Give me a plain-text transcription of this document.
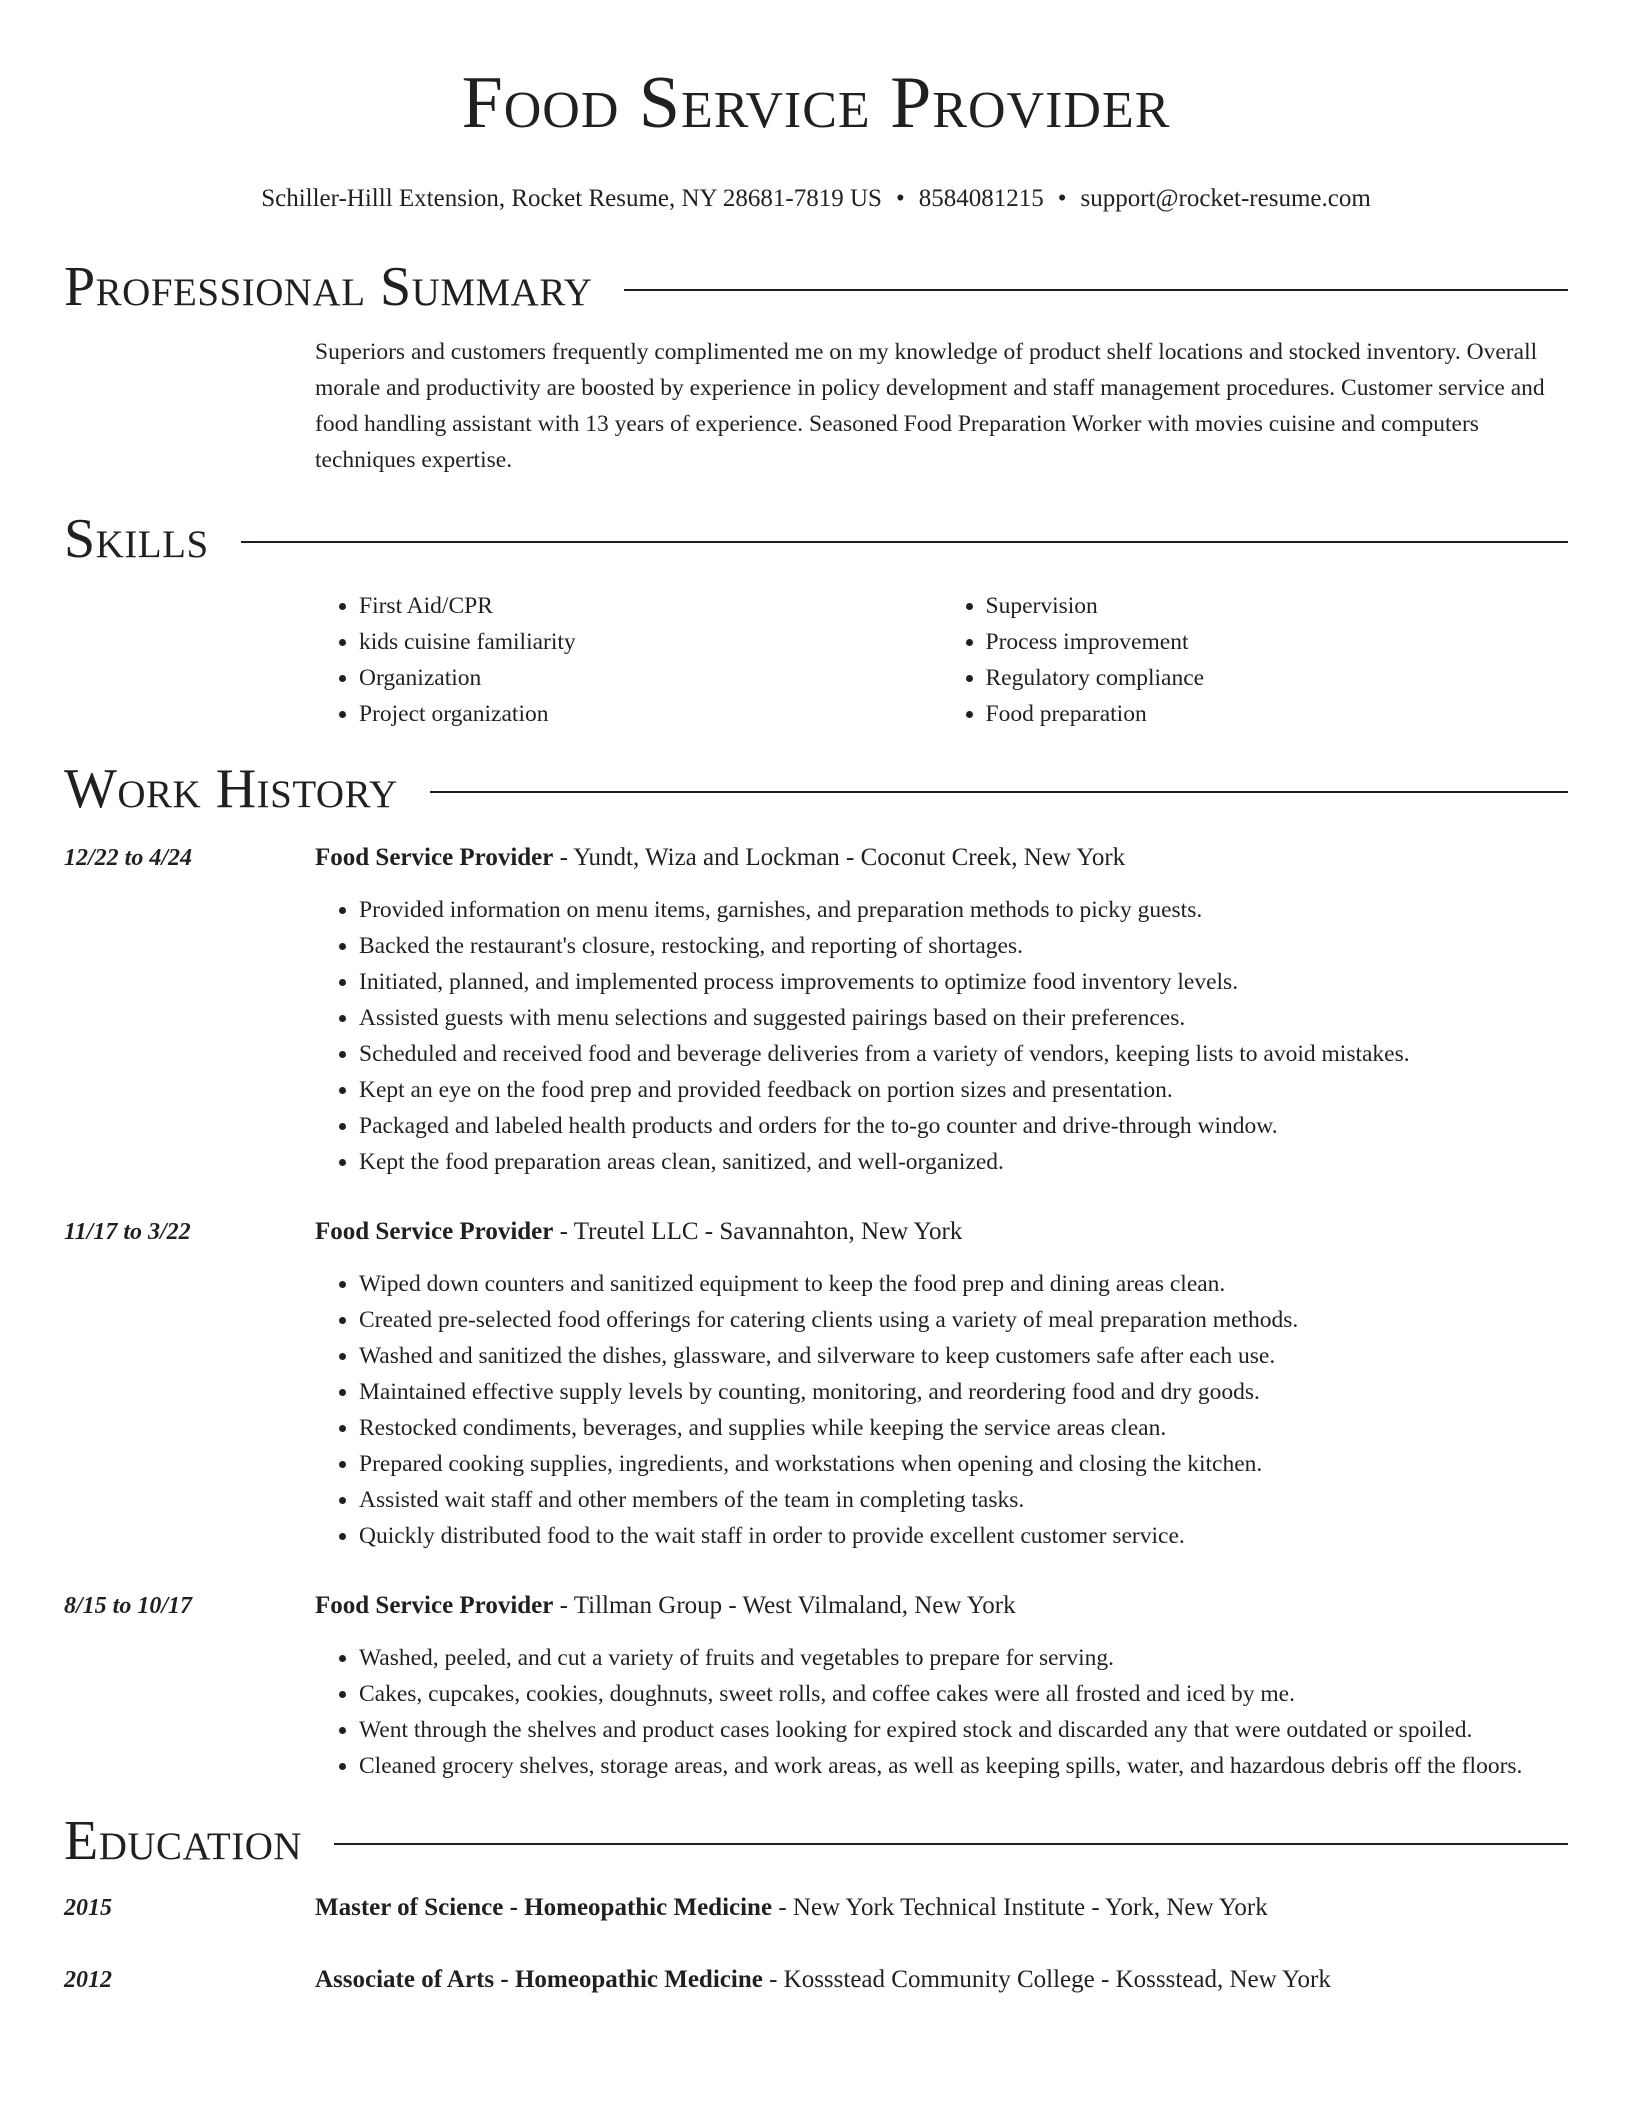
Food Service Provider
Schiller-Hilll Extension, Rocket Resume, NY 28681-7819 US • 8584081215 • support@rocket-resume.com
Professional Summary
Superiors and customers frequently complimented me on my knowledge of product shelf locations and stocked inventory. Overall morale and productivity are boosted by experience in policy development and staff management procedures. Customer service and food handling assistant with 13 years of experience. Seasoned Food Preparation Worker with movies cuisine and computers techniques expertise.
Skills
• First Aid/CPR
• kids cuisine familiarity
• Organization
• Project organization
• Supervision
• Process improvement
• Regulatory compliance
• Food preparation
Work History
12/22 to 4/24	Food Service Provider - Yundt, Wiza and Lockman - Coconut Creek, New York
• Provided information on menu items, garnishes, and preparation methods to picky guests.
• Backed the restaurant's closure, restocking, and reporting of shortages.
• Initiated, planned, and implemented process improvements to optimize food inventory levels.
• Assisted guests with menu selections and suggested pairings based on their preferences.
• Scheduled and received food and beverage deliveries from a variety of vendors, keeping lists to avoid mistakes.
• Kept an eye on the food prep and provided feedback on portion sizes and presentation.
• Packaged and labeled health products and orders for the to-go counter and drive-through window.
• Kept the food preparation areas clean, sanitized, and well-organized.
11/17 to 3/22	Food Service Provider - Treutel LLC - Savannahton, New York
• Wiped down counters and sanitized equipment to keep the food prep and dining areas clean.
• Created pre-selected food offerings for catering clients using a variety of meal preparation methods.
• Washed and sanitized the dishes, glassware, and silverware to keep customers safe after each use.
• Maintained effective supply levels by counting, monitoring, and reordering food and dry goods.
• Restocked condiments, beverages, and supplies while keeping the service areas clean.
• Prepared cooking supplies, ingredients, and workstations when opening and closing the kitchen.
• Assisted wait staff and other members of the team in completing tasks.
• Quickly distributed food to the wait staff in order to provide excellent customer service.
8/15 to 10/17	Food Service Provider - Tillman Group - West Vilmaland, New York
• Washed, peeled, and cut a variety of fruits and vegetables to prepare for serving.
• Cakes, cupcakes, cookies, doughnuts, sweet rolls, and coffee cakes were all frosted and iced by me.
• Went through the shelves and product cases looking for expired stock and discarded any that were outdated or spoiled.
• Cleaned grocery shelves, storage areas, and work areas, as well as keeping spills, water, and hazardous debris off the floors.
Education
2015	Master of Science - Homeopathic Medicine - New York Technical Institute - York, New York
2012	Associate of Arts - Homeopathic Medicine - Kossstead Community College - Kossstead, New York
